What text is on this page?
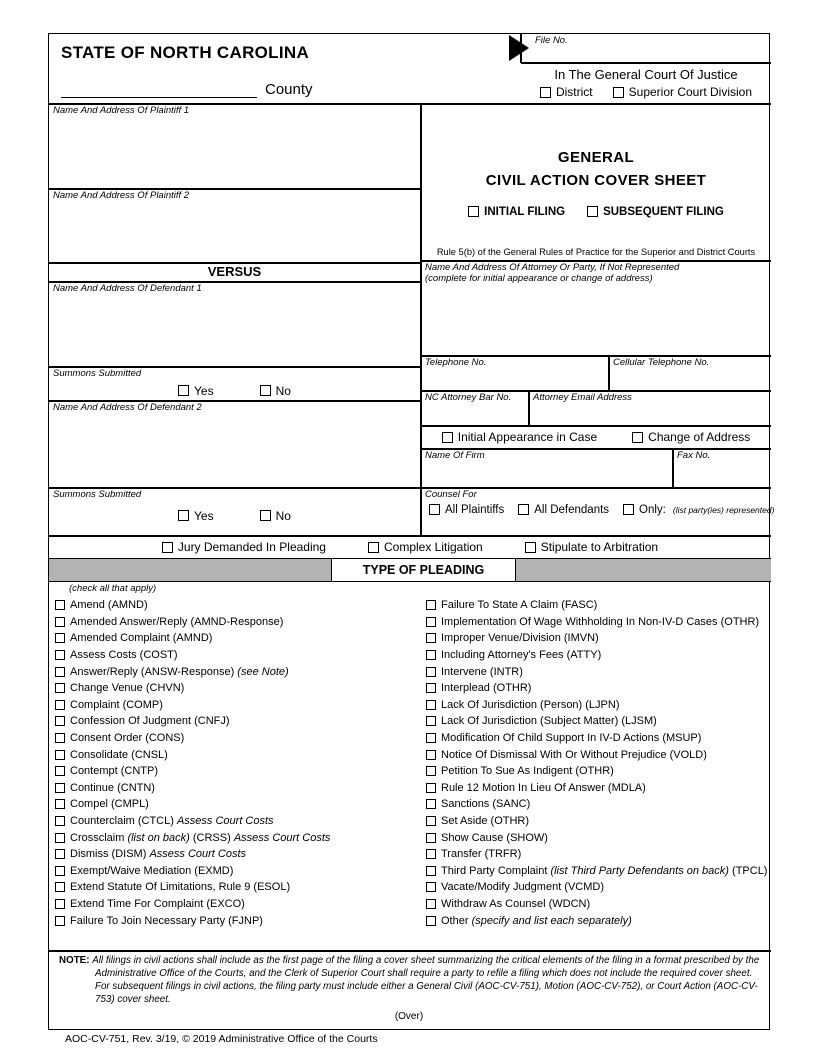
STATE OF NORTH CAROLINA
County
File No.
In The General Court Of Justice
District	Superior Court Division
Name And Address Of Plaintiff 1
Name And Address Of Plaintiff 2
VERSUS
Name And Address Of Defendant 1
Summons Submitted
Yes	No
Name And Address Of Defendant 2
Summons Submitted
Yes	No
GENERAL
CIVIL ACTION COVER SHEET
INITIAL FILING	SUBSEQUENT FILING
Rule 5(b) of the General Rules of Practice for the Superior and District Courts
Name And Address Of Attorney Or Party, If Not Represented
(complete for initial appearance or change of address)
Telephone No.	Cellular Telephone No.
NC Attorney Bar No.	Attorney Email Address
Initial Appearance in Case	Change of Address
Name Of Firm	Fax No.
Counsel For
All Plaintiffs	All Defendants	Only: (list party(ies) represented)
Jury Demanded In Pleading	Complex Litigation	Stipulate to Arbitration
TYPE OF PLEADING
(check all that apply)
Amend (AMND)
Amended Answer/Reply (AMND-Response)
Amended Complaint (AMND)
Assess Costs (COST)
Answer/Reply (ANSW-Response) (see Note)
Change Venue (CHVN)
Complaint (COMP)
Confession Of Judgment (CNFJ)
Consent Order (CONS)
Consolidate (CNSL)
Contempt (CNTP)
Continue (CNTN)
Compel (CMPL)
Counterclaim (CTCL) Assess Court Costs
Crossclaim (list on back) (CRSS) Assess Court Costs
Dismiss (DISM) Assess Court Costs
Exempt/Waive Mediation (EXMD)
Extend Statute Of Limitations, Rule 9 (ESOL)
Extend Time For Complaint (EXCO)
Failure To Join Necessary Party (FJNP)
Failure To State A Claim (FASC)
Implementation Of Wage Withholding In Non-IV-D Cases (OTHR)
Improper Venue/Division (IMVN)
Including Attorney's Fees (ATTY)
Intervene (INTR)
Interplead (OTHR)
Lack Of Jurisdiction (Person) (LJPN)
Lack Of Jurisdiction (Subject Matter) (LJSM)
Modification Of Child Support In IV-D Actions (MSUP)
Notice Of Dismissal With Or Without Prejudice (VOLD)
Petition To Sue As Indigent (OTHR)
Rule 12 Motion In Lieu Of Answer (MDLA)
Sanctions (SANC)
Set Aside (OTHR)
Show Cause (SHOW)
Transfer (TRFR)
Third Party Complaint (list Third Party Defendants on back) (TPCL)
Vacate/Modify Judgment (VCMD)
Withdraw As Counsel (WDCN)
Other (specify and list each separately)
NOTE: All filings in civil actions shall include as the first page of the filing a cover sheet summarizing the critical elements of the filing in a format prescribed by the Administrative Office of the Courts, and the Clerk of Superior Court shall require a party to refile a filing which does not include the required cover sheet. For subsequent filings in civil actions, the filing party must include either a General Civil (AOC-CV-751), Motion (AOC-CV-752), or Court Action (AOC-CV-753) cover sheet.
(Over)
AOC-CV-751, Rev. 3/19, © 2019 Administrative Office of the Courts
